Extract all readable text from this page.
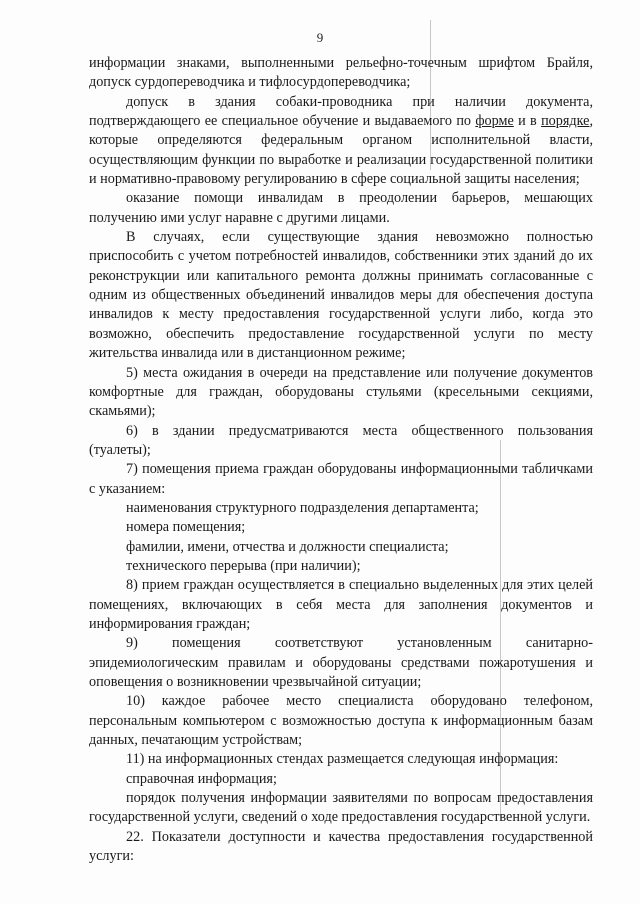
9

информации знаками, выполненными рельефно-точечным шрифтом Брайля, допуск сурдопереводчика и тифлосурдопереводчика;

допуск в здания собаки-проводника при наличии документа, подтверждающего ее специальное обучение и выдаваемого по форме и в порядке, которые определяются федеральным органом исполнительной власти, осуществляющим функции по выработке и реализации государственной политики и нормативно-правовому регулированию в сфере социальной защиты населения;

оказание помощи инвалидам в преодолении барьеров, мешающих получению ими услуг наравне с другими лицами.

В случаях, если существующие здания невозможно полностью приспособить с учетом потребностей инвалидов, собственники этих зданий до их реконструкции или капитального ремонта должны принимать согласованные с одним из общественных объединений инвалидов меры для обеспечения доступа инвалидов к месту предоставления государственной услуги либо, когда это возможно, обеспечить предоставление государственной услуги по месту жительства инвалида или в дистанционном режиме;

5) места ожидания в очереди на представление или получение документов комфортные для граждан, оборудованы стульями (кресельными секциями, скамьями);

6) в здании предусматриваются места общественного пользования (туалеты);

7) помещения приема граждан оборудованы информационными табличками с указанием:

наименования структурного подразделения департамента;

номера помещения;

фамилии, имени, отчества и должности специалиста;

технического перерыва (при наличии);

8) прием граждан осуществляется в специально выделенных для этих целей помещениях, включающих в себя места для заполнения документов и информирования граждан;

9) помещения соответствуют установленным санитарно-эпидемиологическим правилам и оборудованы средствами пожаротушения и оповещения о возникновении чрезвычайной ситуации;

10) каждое рабочее место специалиста оборудовано телефоном, персональным компьютером с возможностью доступа к информационным базам данных, печатающим устройствам;

11) на информационных стендах размещается следующая информация:

справочная информация;

порядок получения информации заявителями по вопросам предоставления государственной услуги, сведений о ходе предоставления государственной услуги.

22. Показатели доступности и качества предоставления государственной услуги:
